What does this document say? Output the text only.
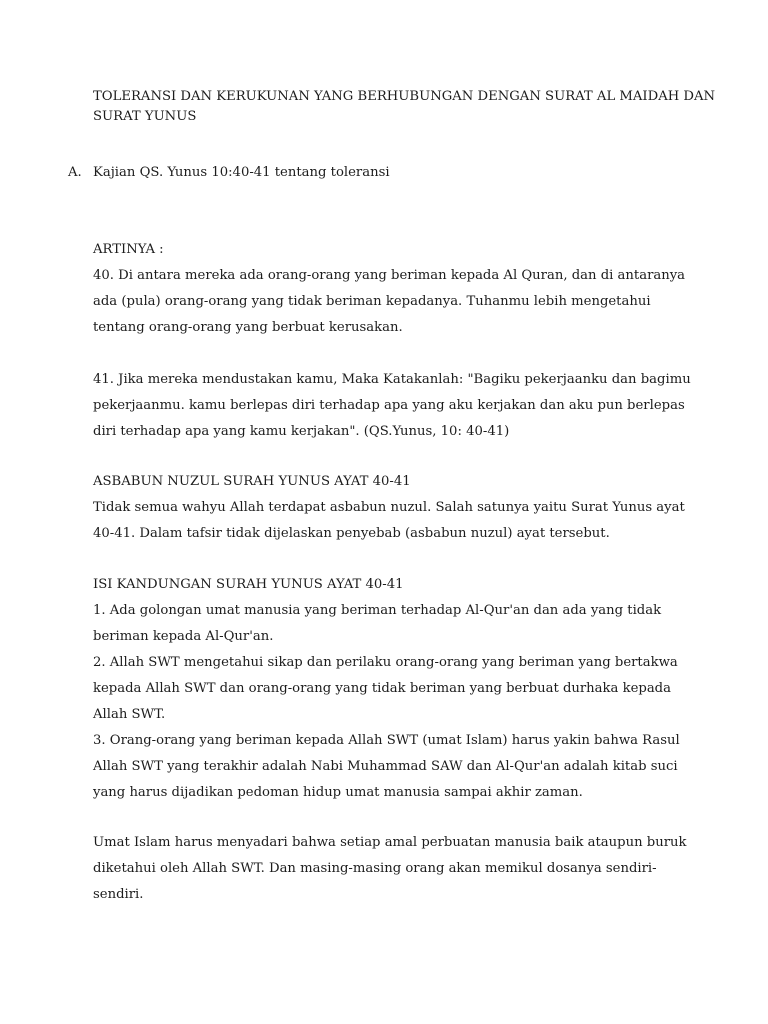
TOLERANSI DAN KERUKUNAN YANG BERHUBUNGAN DENGAN SURAT AL MAIDAH DAN
SURAT YUNUS
A. Kajian QS. Yunus 10:40-41 tentang toleransi
ARTINYA :
40. Di antara mereka ada orang-orang yang beriman kepada Al Quran, dan di antaranya
ada (pula) orang-orang yang tidak beriman kepadanya. Tuhanmu lebih mengetahui
tentang orang-orang yang berbuat kerusakan.
41. Jika mereka mendustakan kamu, Maka Katakanlah: "Bagiku pekerjaanku dan bagimu
pekerjaanmu. kamu berlepas diri terhadap apa yang aku kerjakan dan aku pun berlepas
diri terhadap apa yang kamu kerjakan". (QS.Yunus, 10: 40-41)
ASBABUN NUZUL SURAH YUNUS AYAT 40-41
Tidak semua wahyu Allah terdapat asbabun nuzul. Salah satunya yaitu Surat Yunus ayat
40-41. Dalam tafsir tidak dijelaskan penyebab (asbabun nuzul) ayat tersebut.
ISI KANDUNGAN SURAH YUNUS AYAT 40-41
1. Ada golongan umat manusia yang beriman terhadap Al-Qur'an dan ada yang tidak
beriman kepada Al-Qur'an.
2. Allah SWT mengetahui sikap dan perilaku orang-orang yang beriman yang bertakwa
kepada Allah SWT dan orang-orang yang tidak beriman yang berbuat durhaka kepada
Allah SWT.
3. Orang-orang yang beriman kepada Allah SWT (umat Islam) harus yakin bahwa Rasul
Allah SWT yang terakhir adalah Nabi Muhammad SAW dan Al-Qur'an adalah kitab suci
yang harus dijadikan pedoman hidup umat manusia sampai akhir zaman.
Umat Islam harus menyadari bahwa setiap amal perbuatan manusia baik ataupun buruk
diketahui oleh Allah SWT. Dan masing-masing orang akan memikul dosanya sendiri-
sendiri.
